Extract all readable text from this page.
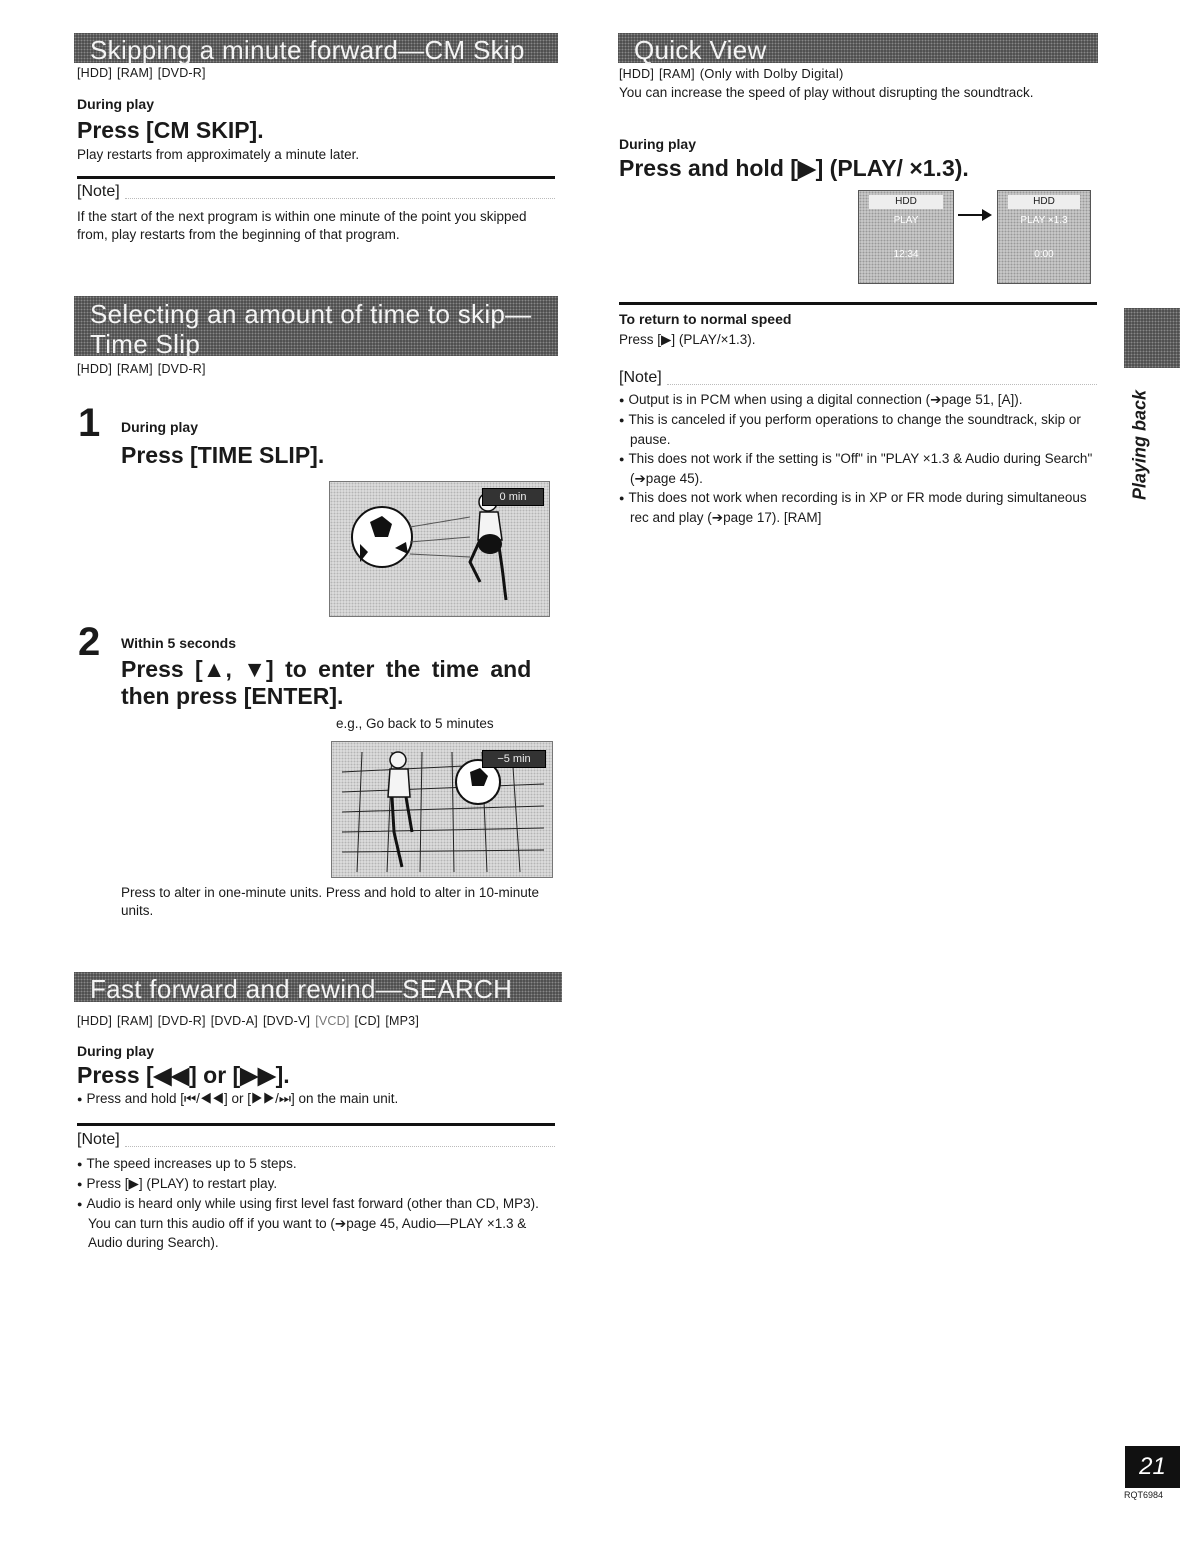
Skipping a minute forward—CM Skip
[HDD] [RAM] [DVD-R]
During play
Press [CM SKIP].
Play restarts from approximately a minute later.
[Note]
If the start of the next program is within one minute of the point you skipped from, play restarts from the beginning of that program.
Selecting an amount of time to skip—
Time Slip
[HDD] [RAM] [DVD-R]
1 During play
Press [TIME SLIP].
0 min
2 Within 5 seconds
Press [▲, ▼] to enter the time and
then press [ENTER].
e.g., Go back to 5 minutes
−5 min
Press to alter in one-minute units. Press and hold to alter in 10-minute units.
Fast forward and rewind—SEARCH
[HDD] [RAM] [DVD-R] [DVD-A] [DVD-V] [VCD] [CD] [MP3]
During play
Press [◀◀] or [▶▶].
● Press and hold [⏮/◀◀] or [▶▶/⏭] on the main unit.
[Note]
● The speed increases up to 5 steps.
● Press [▶] (PLAY) to restart play.
● Audio is heard only while using first level fast forward (other than CD, MP3). You can turn this audio off if you want to (➔page 45, Audio—PLAY ×1.3 & Audio during Search).
Quick View
[HDD] [RAM] (Only with Dolby Digital)
You can increase the speed of play without disrupting the soundtrack.
During play
Press and hold [▶] (PLAY/ ×1.3).
HDD
PLAY
12:34
HDD
PLAY ×1.3
0:00
To return to normal speed
Press [▶] (PLAY/×1.3).
[Note]
● Output is in PCM when using a digital connection (➔page 51, [A]).
● This is canceled if you perform operations to change the soundtrack, skip or pause.
● This does not work if the setting is "Off" in "PLAY ×1.3 & Audio during Search" (➔page 45).
● This does not work when recording is in XP or FR mode during simultaneous rec and play (➔page 17). [RAM]
Playing back
21
RQT6984
